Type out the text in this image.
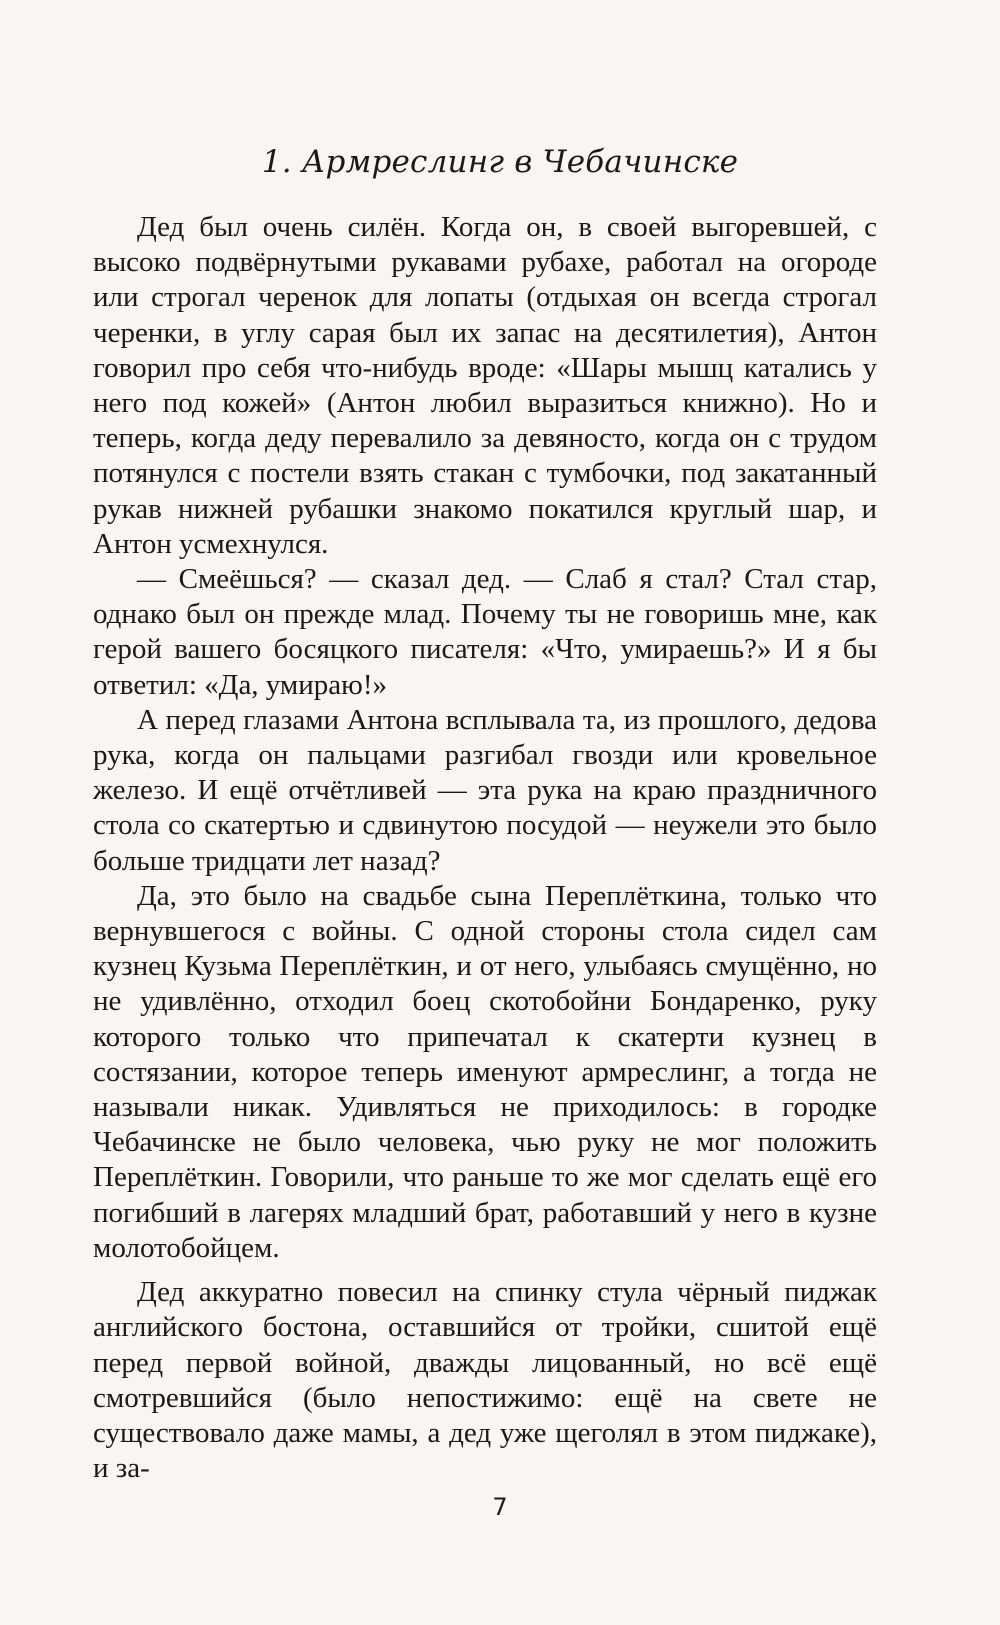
1. Армреслинг в Чебачинске

Дед был очень силён. Когда он, в своей выгоревшей, с высоко подвёрнутыми рукавами рубахе, работал на огороде или строгал черенок для лопаты (отдыхая он всегда строгал черенки, в углу сарая был их запас на десятилетия), Антон говорил про себя что-нибудь вроде: «Шары мышц катались у него под кожей» (Антон любил выразиться книжно). Но и теперь, когда деду перевалило за девяносто, когда он с трудом потянулся с постели взять стакан с тумбочки, под закатанный рукав нижней рубашки знакомо покатился круглый шар, и Антон усмехнулся.

— Смеёшься? — сказал дед. — Слаб я стал? Стал стар, однако был он прежде млад. Почему ты не говоришь мне, как герой вашего босяцкого писателя: «Что, умираешь?» И я бы ответил: «Да, умираю!»

А перед глазами Антона всплывала та, из прошлого, дедова рука, когда он пальцами разгибал гвозди или кровельное железо. И ещё отчётливей — эта рука на краю праздничного стола со скатертью и сдвинутою посудой — неужели это было больше тридцати лет назад?

Да, это было на свадьбе сына Переплёткина, только что вернувшегося с войны. С одной стороны стола сидел сам кузнец Кузьма Переплёткин, и от него, улыбаясь смущённо, но не удивлённо, отходил боец скотобойни Бондаренко, руку которого только что припечатал к скатерти кузнец в состязании, которое теперь именуют армреслинг, а тогда не называли никак. Удивляться не приходилось: в городке Чебачинске не было человека, чью руку не мог положить Переплёткин. Говорили, что раньше то же мог сделать ещё его погибший в лагерях младший брат, работавший у него в кузне молотобойцем.

Дед аккуратно повесил на спинку стула чёрный пиджак английского бостона, оставшийся от тройки, сшитой ещё перед первой войной, дважды лицованный, но всё ещё смотревшийся (было непостижимо: ещё на свете не существовало даже мамы, а дед уже щеголял в этом пиджаке), и за-

7
